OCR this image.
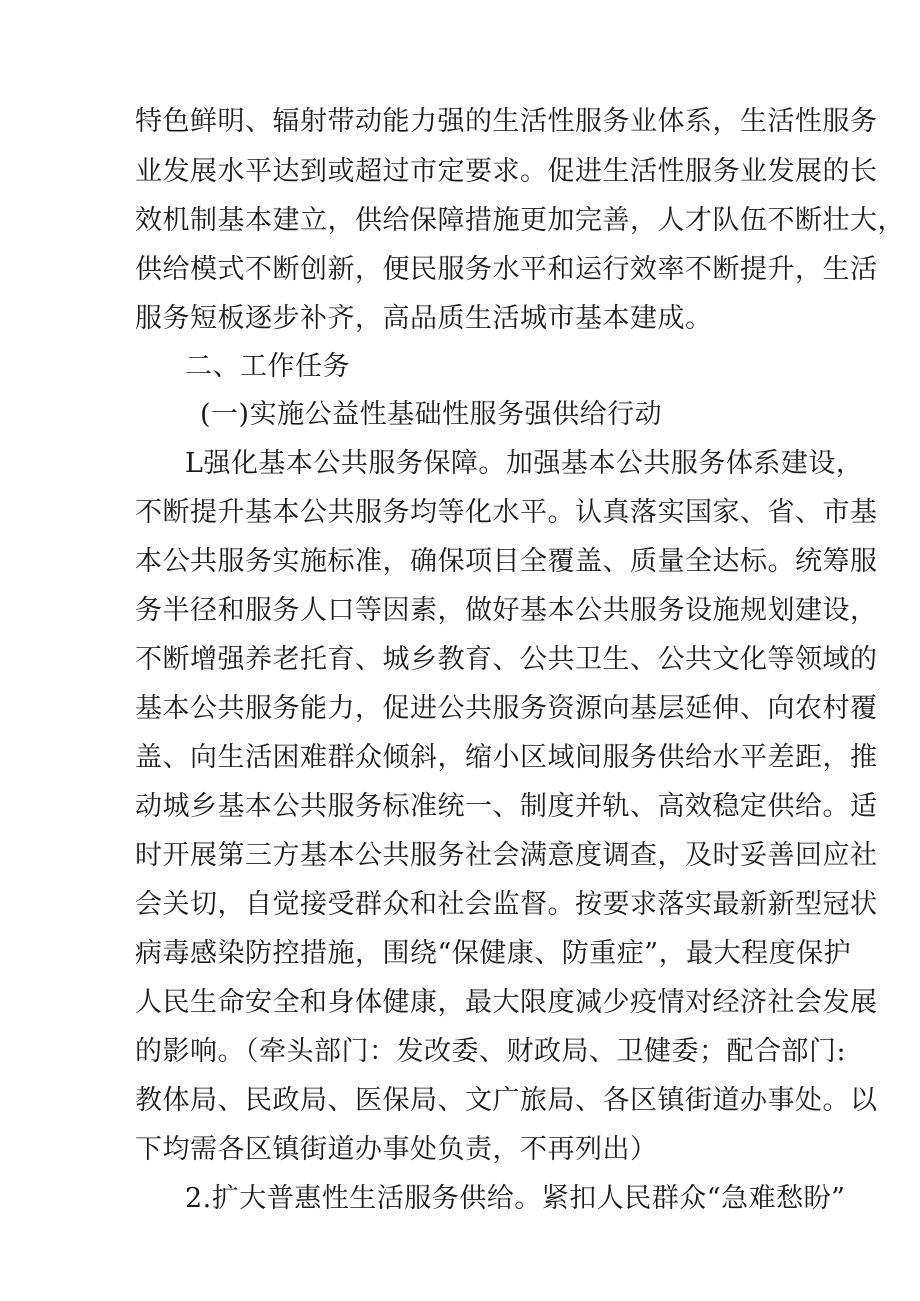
特色鲜明、辐射带动能力强的生活性服务业体系，生活性服务
业发展水平达到或超过市定要求。促进生活性服务业发展的长
效机制基本建立，供给保障措施更加完善，人才队伍不断壮大，
供给模式不断创新，便民服务水平和运行效率不断提升，生活
服务短板逐步补齐，高品质生活城市基本建成。
二、工作任务
(一)实施公益性基础性服务强供给行动
L强化基本公共服务保障。加强基本公共服务体系建设，
不断提升基本公共服务均等化水平。认真落实国家、省、市基
本公共服务实施标准，确保项目全覆盖、质量全达标。统筹服
务半径和服务人口等因素，做好基本公共服务设施规划建设，
不断增强养老托育、城乡教育、公共卫生、公共文化等领域的
基本公共服务能力，促进公共服务资源向基层延伸、向农村覆
盖、向生活困难群众倾斜，缩小区域间服务供给水平差距，推
动城乡基本公共服务标准统一、制度并轨、高效稳定供给。适
时开展第三方基本公共服务社会满意度调查，及时妥善回应社
会关切，自觉接受群众和社会监督。按要求落实最新新型冠状
病毒感染防控措施，围绕“保健康、防重症”，最大程度保护
人民生命安全和身体健康，最大限度减少疫情对经济社会发展
的影响。（牵头部门：发改委、财政局、卫健委；配合部门:
教体局、民政局、医保局、文广旅局、各区镇街道办事处。以
下均需各区镇街道办事处负责，不再列出）
2.扩大普惠性生活服务供给。紧扣人民群众“急难愁盼”
